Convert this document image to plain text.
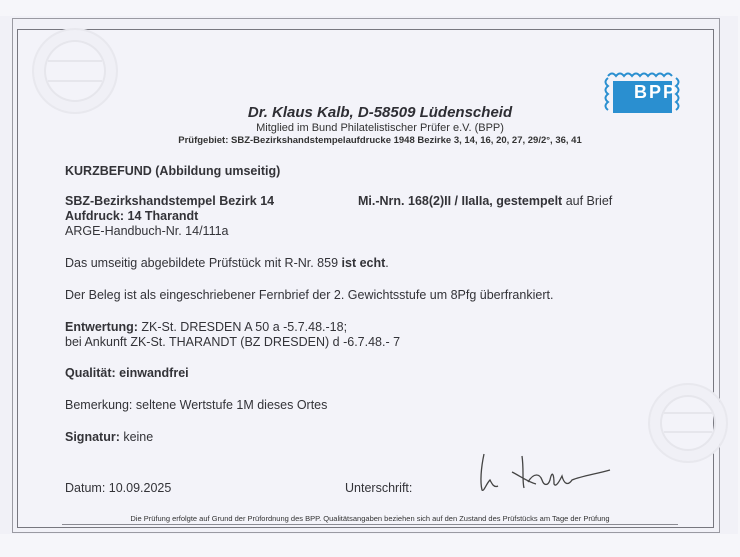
BPP
Dr. Klaus Kalb, D-58509 Lüdenscheid
Mitglied im Bund Philatelistischer Prüfer e.V. (BPP)
Prüfgebiet: SBZ-Bezirkshandstempelaufdrucke 1948 Bezirke 3, 14, 16, 20, 27, 29/2°, 36, 41
KURZBEFUND (Abbildung umseitig)
SBZ-Bezirkshandstempel Bezirk 14	Mi.-Nrn. 168(2)II / IIaIIa, gestempelt auf Brief
Aufdruck: 14 Tharandt
ARGE-Handbuch-Nr. 14/111a
Das umseitig abgebildete Prüfstück mit R-Nr. 859 ist echt.
Der Beleg ist als eingeschriebener Fernbrief der 2. Gewichtsstufe um 8Pfg überfrankiert.
Entwertung: ZK-St. DRESDEN A 50 a -5.7.48.-18;
bei Ankunft ZK-St. THARANDT (BZ DRESDEN) d -6.7.48.- 7
Qualität: einwandfrei
Bemerkung: seltene Wertstufe 1M dieses Ortes
Signatur: keine
Datum: 10.09.2025	Unterschrift:
Die Prüfung erfolgte auf Grund der Prüfordnung des BPP. Qualitätsangaben beziehen sich auf den Zustand des Prüfstücks am Tage der Prüfung
